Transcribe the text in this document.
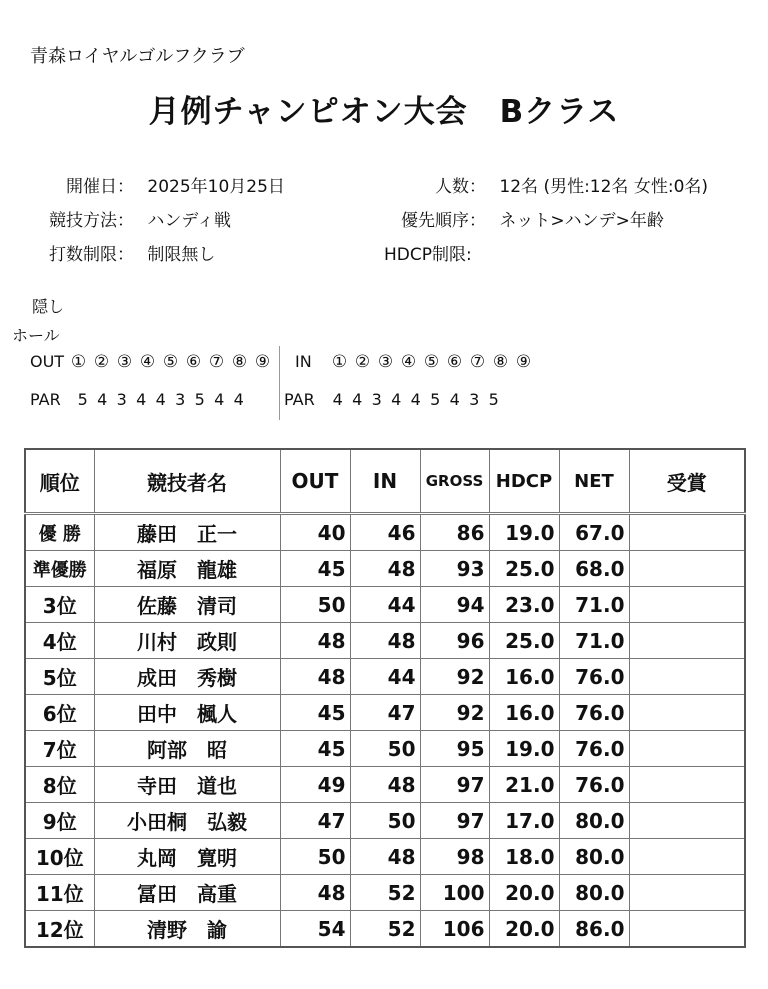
青森ロイヤルゴルフクラブ
月例チャンピオン大会　Bクラス
開催日： 2025年10月25日
競技方法： ハンディ戦
打数制限： 制限無し
人数： 12名 (男性:12名 女性:0名)
優先順序： ネット>ハンデ>年齢
HDCP制限:
隠し
ホール
OUT ① ② ③ ④ ⑤ ⑥ ⑦ ⑧ ⑨ IN ① ② ③ ④ ⑤ ⑥ ⑦ ⑧ ⑨
PAR 5 4 3 4 4 3 5 4 4	PAR 4 4 3 4 4 5 4 3 5
順位	競技者名	OUT	IN	GROSS	HDCP	NET	受賞
優 勝	藤田　正一	40	46	86	19.0	67.0	
準優勝	福原　龍雄	45	48	93	25.0	68.0	
3位	佐藤　清司	50	44	94	23.0	71.0	
4位	川村　政則	48	48	96	25.0	71.0	
5位	成田　秀樹	48	44	92	16.0	76.0	
6位	田中　楓人	45	47	92	16.0	76.0	
7位	阿部　昭	45	50	95	19.0	76.0	
8位	寺田　道也	49	48	97	21.0	76.0	
9位	小田桐　弘毅	47	50	97	17.0	80.0	
10位	丸岡　寛明	50	48	98	18.0	80.0	
11位	冨田　高重	48	52	100	20.0	80.0	
12位	清野　諭	54	52	106	20.0	86.0	
